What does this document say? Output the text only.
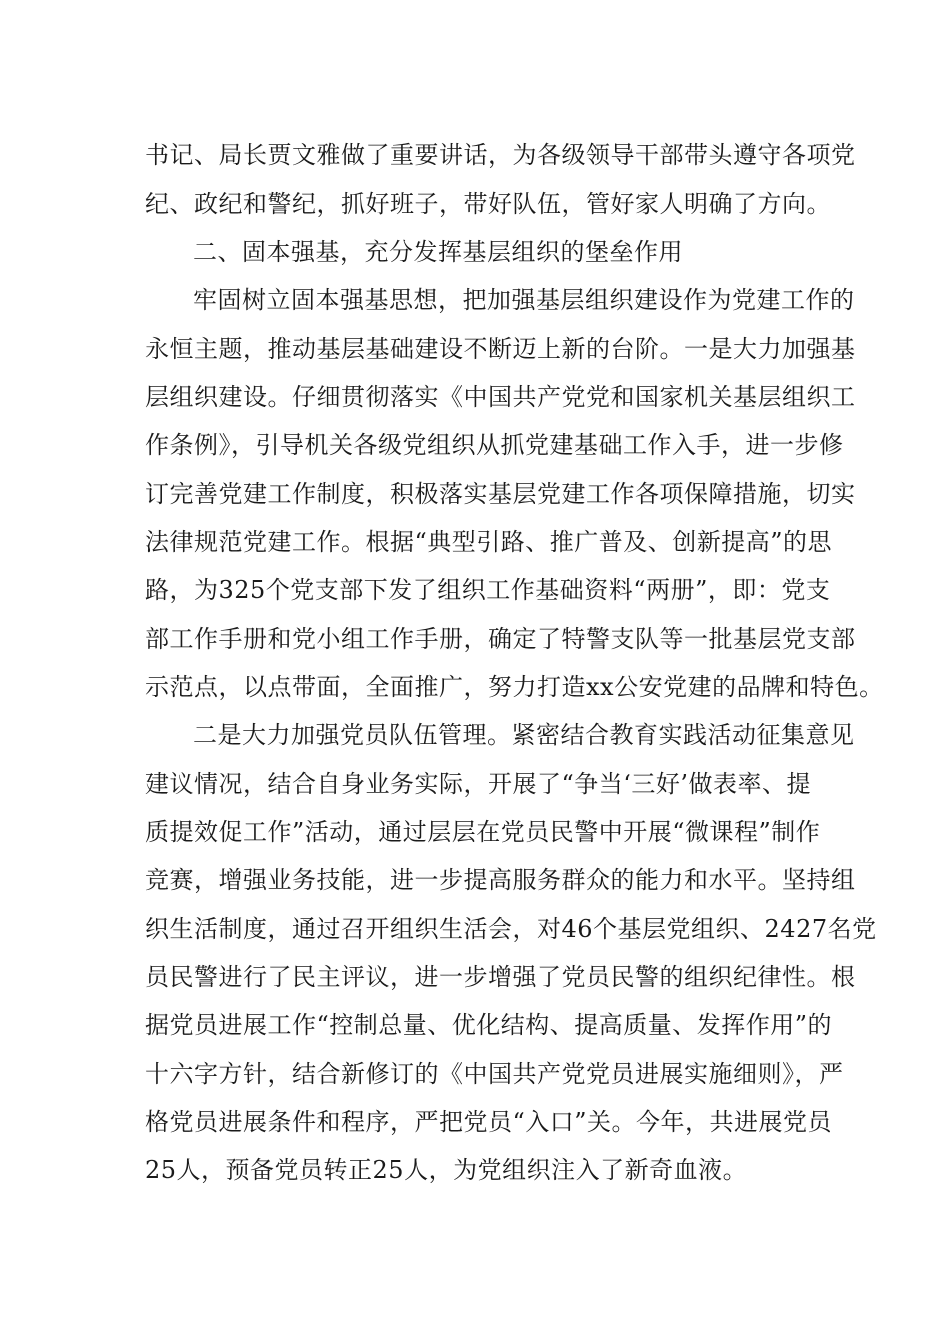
书记、局长贾文雅做了重要讲话，为各级领导干部带头遵守各项党
纪、政纪和警纪，抓好班子，带好队伍，管好家人明确了方向。
二、固本强基，充分发挥基层组织的堡垒作用
牢固树立固本强基思想，把加强基层组织建设作为党建工作的
永恒主题，推动基层基础建设不断迈上新的台阶。一是大力加强基
层组织建设。仔细贯彻落实《中国共产党党和国家机关基层组织工
作条例》，引导机关各级党组织从抓党建基础工作入手，进一步修
订完善党建工作制度，积极落实基层党建工作各项保障措施，切实
法律规范党建工作。根据“典型引路、推广普及、创新提高”的思
路，为325个党支部下发了组织工作基础资料“两册”，即：党支
部工作手册和党小组工作手册，确定了特警支队等一批基层党支部
示范点，以点带面，全面推广，努力打造xx公安党建的品牌和特色。
二是大力加强党员队伍管理。紧密结合教育实践活动征集意见
建议情况，结合自身业务实际，开展了“争当‘三好’做表率、提
质提效促工作”活动，通过层层在党员民警中开展“微课程”制作
竞赛，增强业务技能，进一步提高服务群众的能力和水平。坚持组
织生活制度，通过召开组织生活会，对46个基层党组织、2427名党
员民警进行了民主评议，进一步增强了党员民警的组织纪律性。根
据党员进展工作“控制总量、优化结构、提高质量、发挥作用”的
十六字方针，结合新修订的《中国共产党党员进展实施细则》，严
格党员进展条件和程序，严把党员“入口”关。今年，共进展党员
25人，预备党员转正25人，为党组织注入了新奇血液。
